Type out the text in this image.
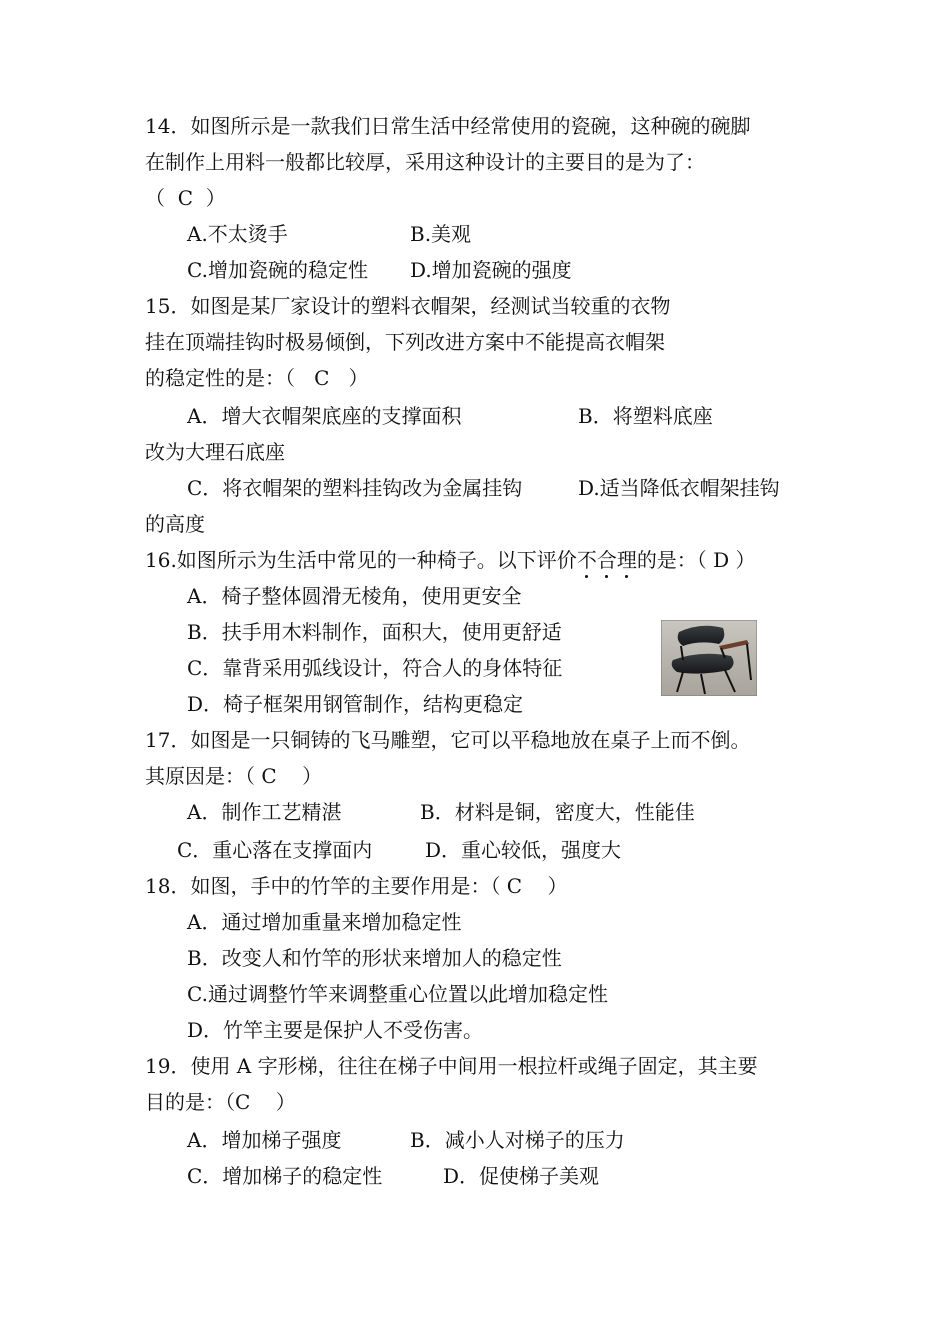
14．如图所示是一款我们日常生活中经常使用的瓷碗，这种碗的碗脚
在制作上用料一般都比较厚，采用这种设计的主要目的是为了：
（  C  ）
A.不太烫手	B.美观
C.增加瓷碗的稳定性 D.增加瓷碗的强度
15．如图是某厂家设计的塑料衣帽架，经测试当较重的衣物
挂在顶端挂钩时极易倾倒，下列改进方案中不能提高衣帽架
的稳定性的是：（   C   ）
A．增大衣帽架底座的支撑面积	B．将塑料底座
改为大理石底座
C．将衣帽架的塑料挂钩改为金属挂钩	D.适当降低衣帽架挂钩
的高度
16.如图所示为生活中常见的一种椅子。以下评价不合理的是：（ D ）
A．椅子整体圆滑无棱角，使用更安全
B．扶手用木料制作，面积大，使用更舒适
C．靠背采用弧线设计，符合人的身体特征
D．椅子框架用钢管制作，结构更稳定
17．如图是一只铜铸的飞马雕塑，它可以平稳地放在桌子上而不倒。
其原因是：（ C    ）
A．制作工艺精湛	B．材料是铜，密度大，性能佳
C．重心落在支撑面内	D．重心较低，强度大
18．如图，手中的竹竿的主要作用是：（ C    ）
A．通过增加重量来增加稳定性
B．改变人和竹竿的形状来增加人的稳定性
C.通过调整竹竿来调整重心位置以此增加稳定性
D．竹竿主要是保护人不受伤害。
19．使用 A 字形梯，往往在梯子中间用一根拉杆或绳子固定，其主要
目的是：（C    ）
A．增加梯子强度	B．减小人对梯子的压力
C．增加梯子的稳定性	D．促使梯子美观
